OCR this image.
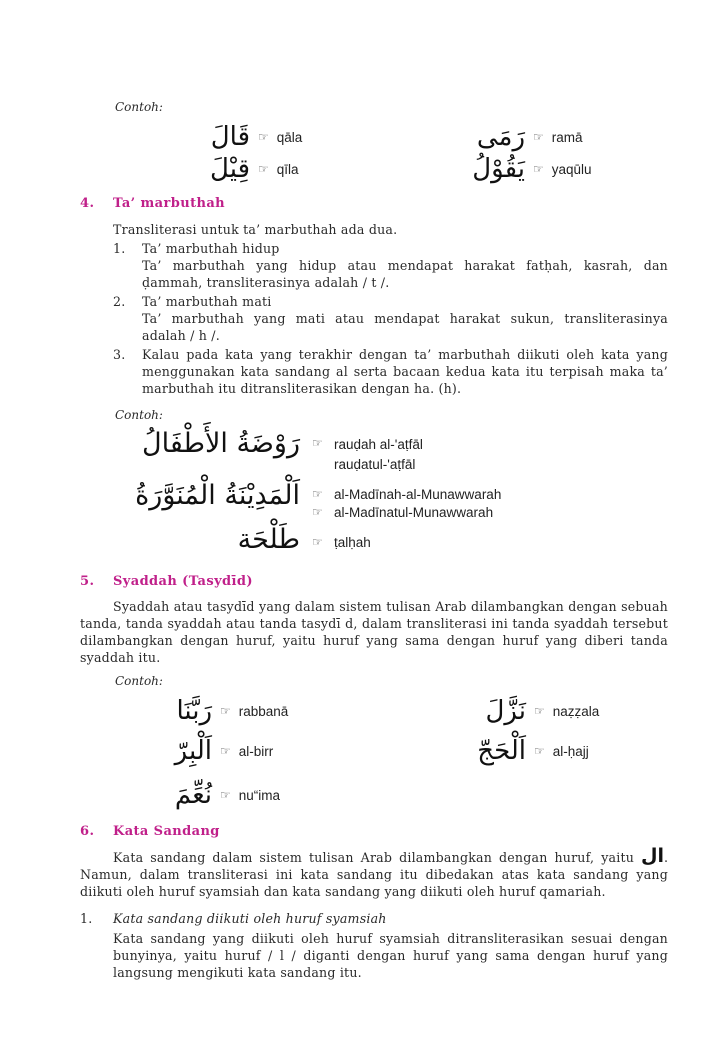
Contoh:
قَالَ ☞ qāla
قِيْلَ ☞ qīla
رَمَى ☞ ramā
يَقُوْلُ ☞ yaqūlu
4. Ta’ marbuthah
Transliterasi untuk ta’ marbuthah ada dua.
1. Ta’ marbuthah hidup
Ta’ marbuthah yang hidup atau mendapat harakat fatḥah, kasrah, dan ḍammah, transliterasinya adalah / t /.
2. Ta’ marbuthah mati
Ta’ marbuthah yang mati atau mendapat harakat sukun, transliterasinya adalah / h /.
3. Kalau pada kata yang terakhir dengan ta’ marbuthah diikuti oleh kata yang menggunakan kata sandang al serta bacaan kedua kata itu terpisah maka ta’ marbuthah itu ditransliterasikan dengan ha. (h).
Contoh:
رَوْضَةُ الأَطْفَالُ ☞ rauḍah al-'aṭfāl
rauḍatul-'aṭfāl
اَلْمَدِيْنَةُ الْمُنَوَّرَةُ ☞ al-Madīnah-al-Munawwarah
☞ al-Madīnatul-Munawwarah
طَلْحَة ☞ ṭalḥah
5. Syaddah (Tasydīd)
Syaddah atau tasydīd yang dalam sistem tulisan Arab dilambangkan dengan sebuah tanda, tanda syaddah atau tanda tasydī d, dalam transliterasi ini tanda syaddah tersebut dilambangkan dengan huruf, yaitu huruf yang sama dengan huruf yang diberi tanda syaddah itu.
Contoh:
رَبَّنَا ☞ rabbanā	نَزَّلَ ☞ naẓẓala
اَلْبِرّ ☞ al-birr	اَلْحَجّ ☞ al-ḥajj
نُعِّمَ ☞ nu“ima
6. Kata Sandang
Kata sandang dalam sistem tulisan Arab dilambangkan dengan huruf, yaitu ال. Namun, dalam transliterasi ini kata sandang itu dibedakan atas kata sandang yang diikuti oleh huruf syamsiah dan kata sandang yang diikuti oleh huruf qamariah.
1. Kata sandang diikuti oleh huruf syamsiah
Kata sandang yang diikuti oleh huruf syamsiah ditransliterasikan sesuai dengan bunyinya, yaitu huruf / l / diganti dengan huruf yang sama dengan huruf yang langsung mengikuti kata sandang itu.
